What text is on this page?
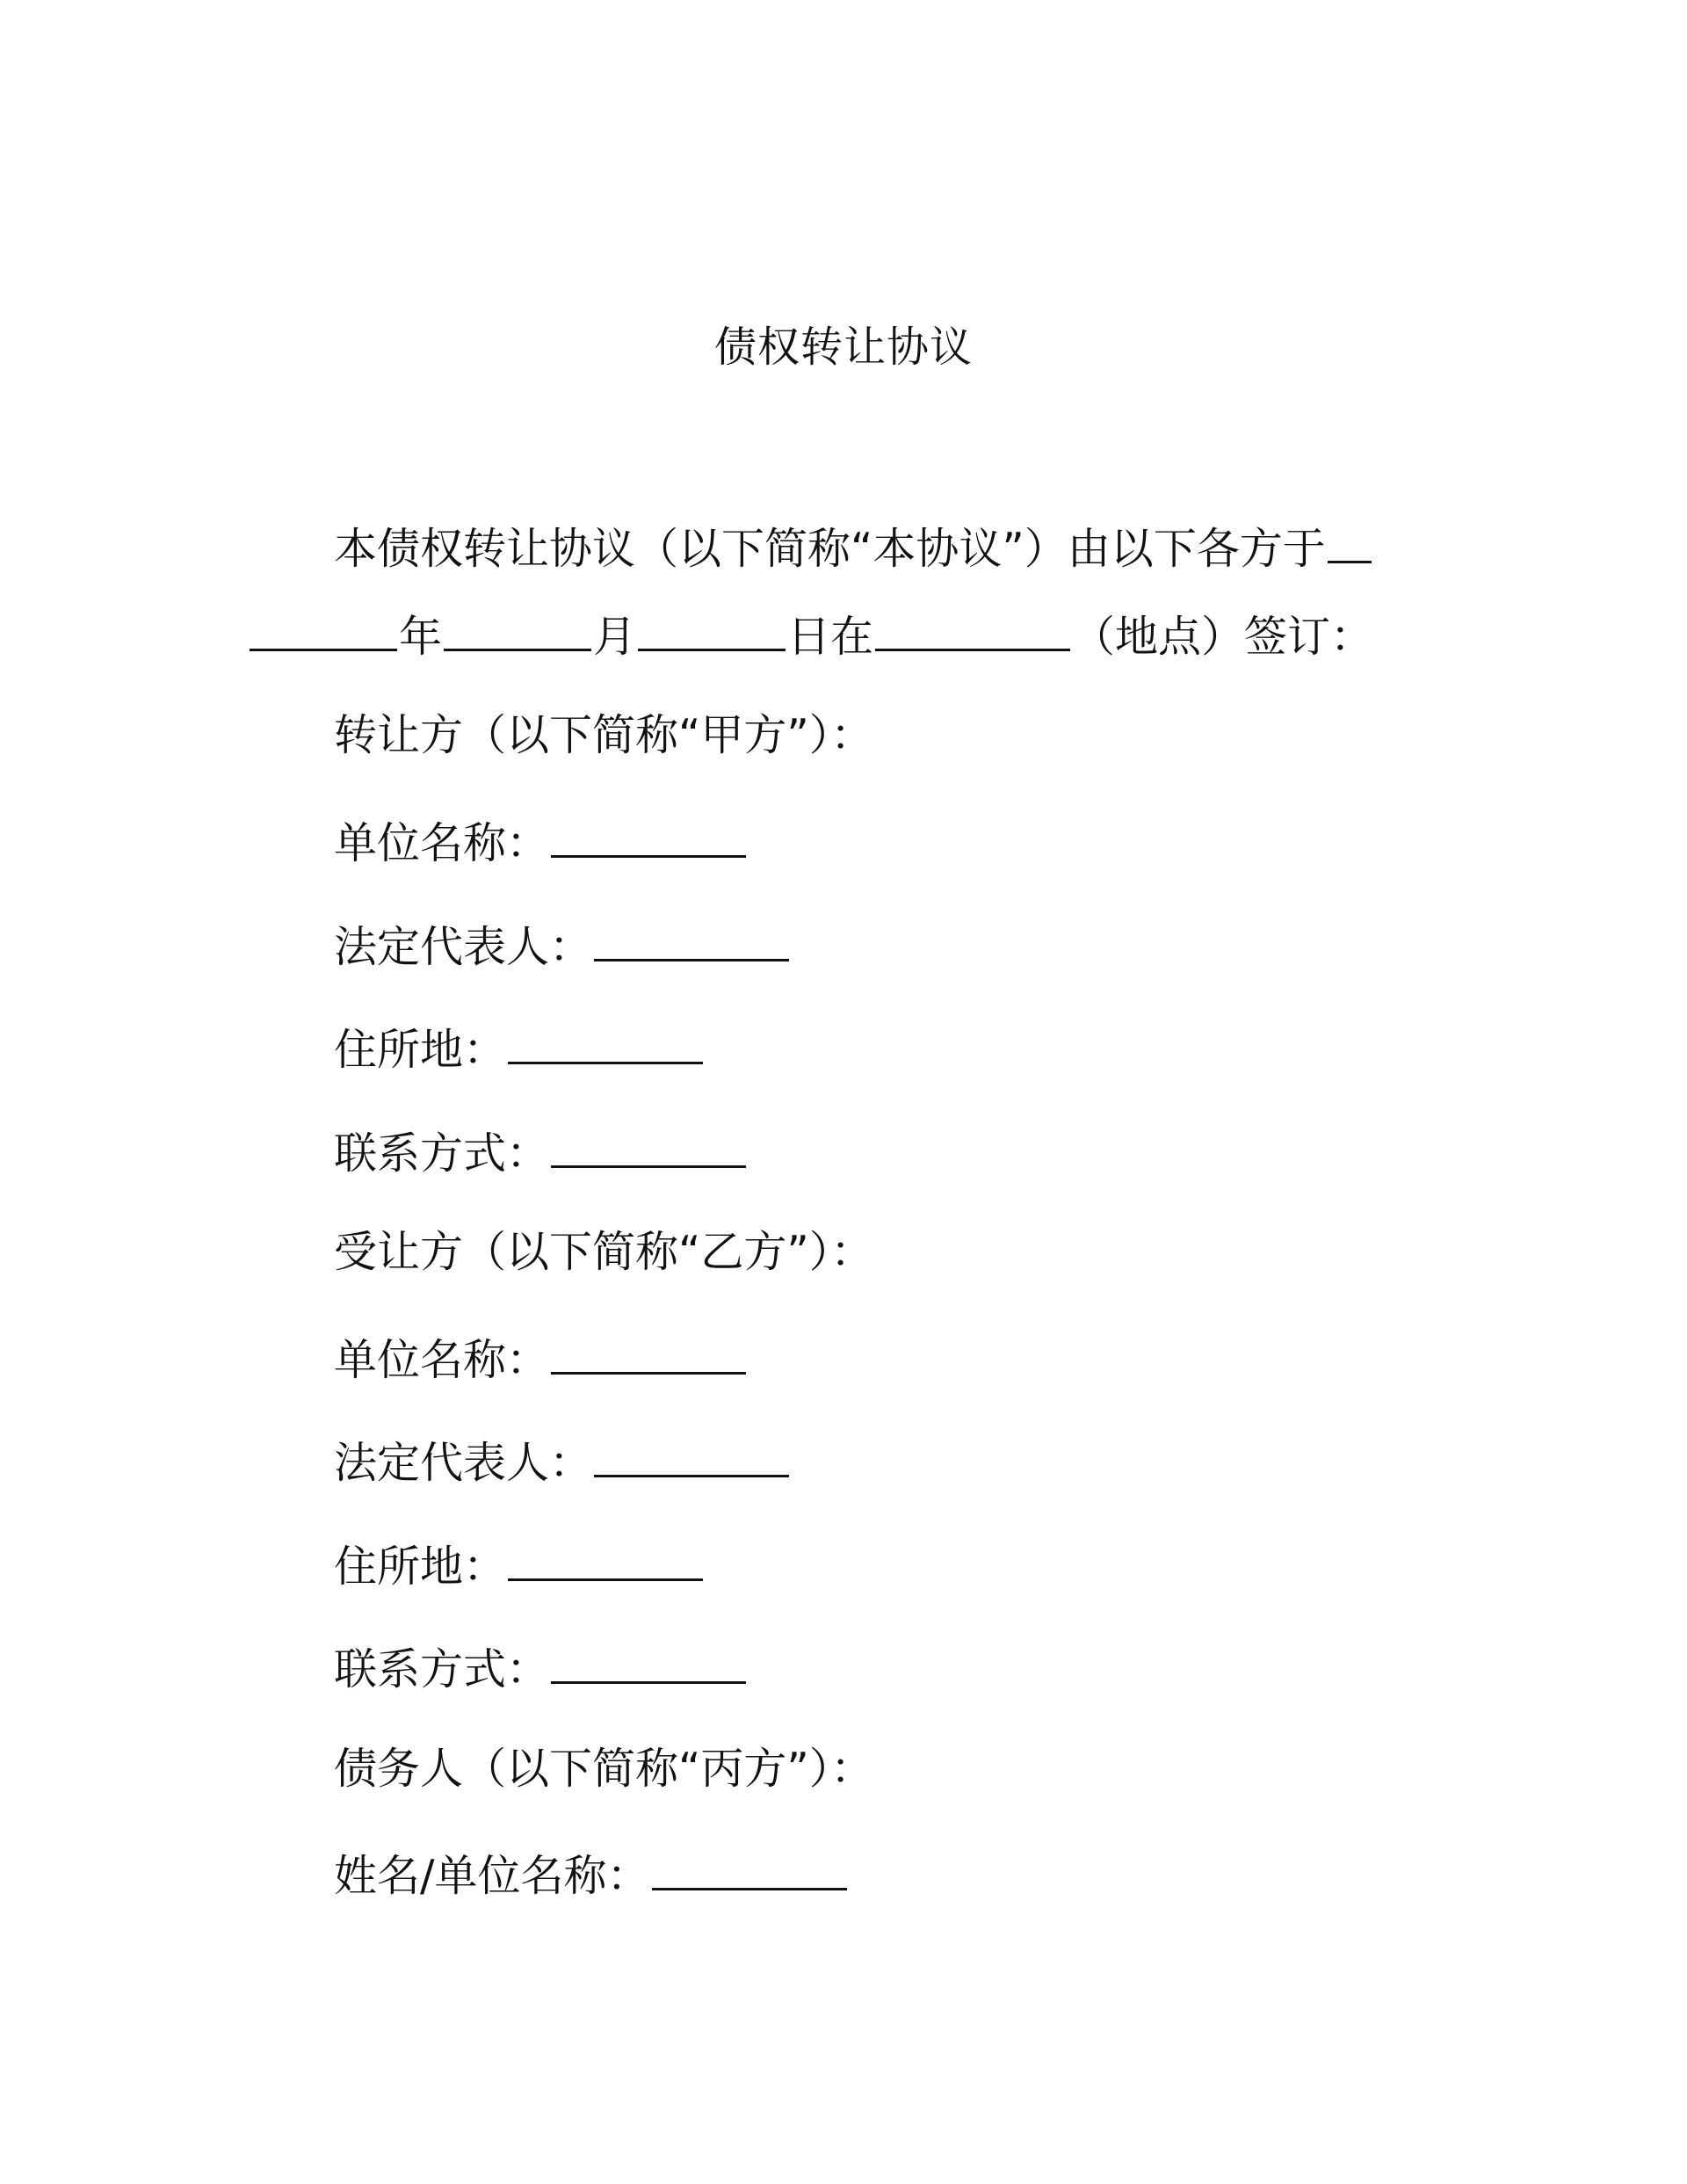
债权转让协议
本债权转让协议（以下简称“本协议”）由以下各方于
年	月	日在	（地点）签订：
转让方（以下简称“甲方”）：
单位名称：
法定代表人：
住所地：
联系方式：
受让方（以下简称“乙方”）：
单位名称：
法定代表人：
住所地：
联系方式：
债务人（以下简称“丙方”）：
姓名/单位名称：
